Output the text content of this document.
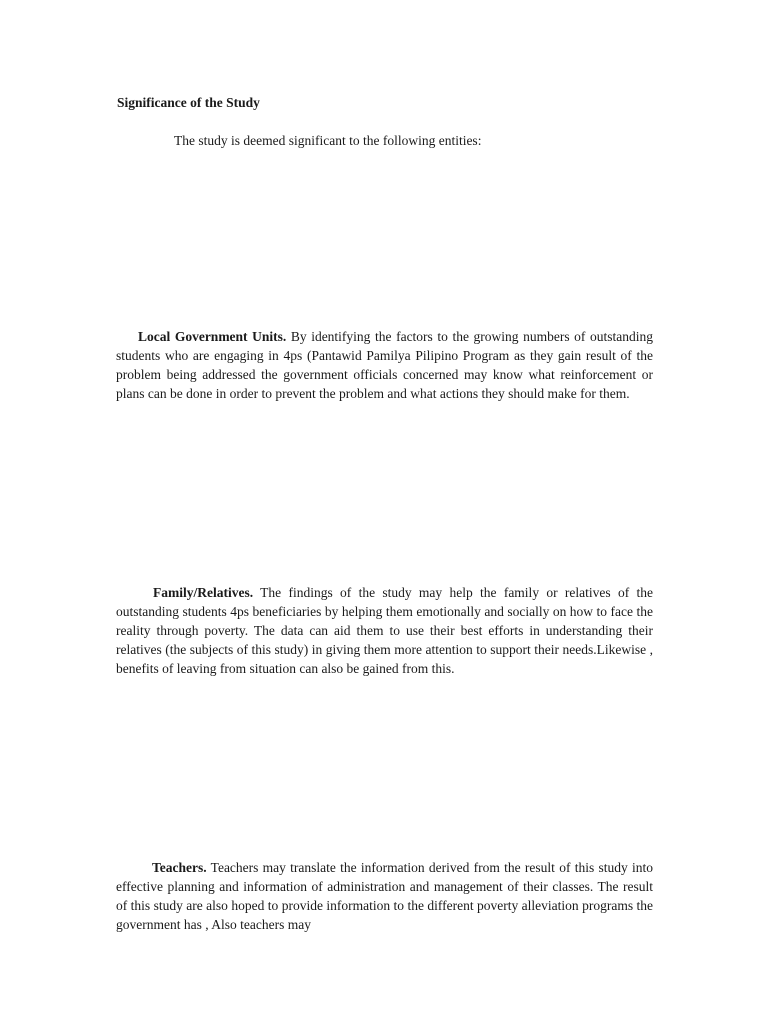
Significance of the Study
The study is deemed significant to the following entities:

Local Government Units. By identifying the factors to the growing numbers of outstanding students who are engaging in 4ps (Pantawid Pamilya Pilipino Program as they gain result of the problem being addressed the government officials concerned may know what reinforcement or plans can be done in order to prevent the problem and what actions they should make for them.

Family/Relatives. The findings of the study may help the family or relatives of the outstanding students 4ps beneficiaries by helping them emotionally and socially on how to face the reality through poverty. The data can aid them to use their best efforts in understanding their relatives (the subjects of this study) in giving them more attention to support their needs.Likewise , benefits of leaving from situation can also be gained from this.

Teachers. Teachers may translate the information derived from the result of this study into effective planning and information of administration and management of their classes. The result of this study are also hoped to provide information to the different poverty alleviation programs the government has , Also teachers may
